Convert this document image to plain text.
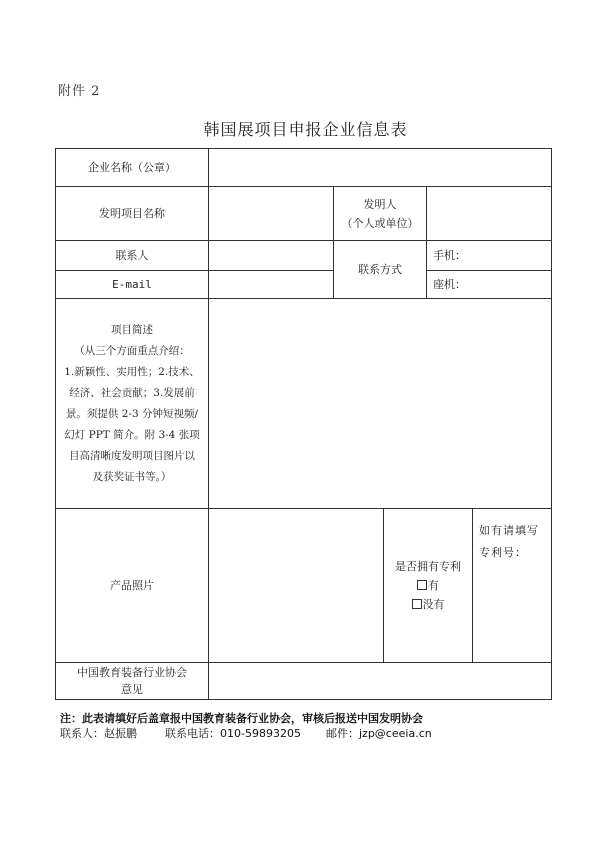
附件 2
韩国展项目申报企业信息表
企业名称（公章）
发明项目名称
发明人
（个人或单位）
联系人
联系方式
手机：
E-mail	座机：
项目简述
（从三个方面重点介绍：
1.新颖性、实用性；2.技术、
经济、社会贡献；3.发展前
景。须提供 2-3 分钟短视频/
幻灯 PPT 简介。附 3-4 张项
目高清晰度发明项目图片以
及获奖证书等。）
产品照片
是否拥有专利
有
没有
如有请填写
专利号：
中国教育装备行业协会
意见
注：此表请填好后盖章报中国教育装备行业协会，审核后报送中国发明协会
联系人：赵振鹏	联系电话：010-59893205 邮件：jzp@ceeia.cn
